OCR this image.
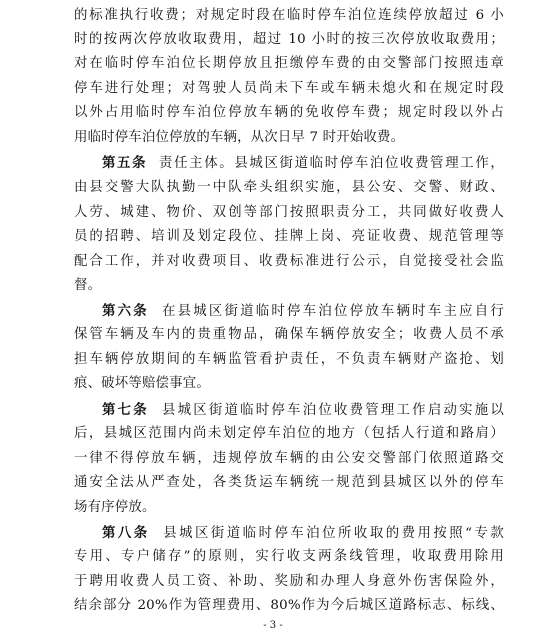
的标准执行收费；对规定时段在临时停车泊位连续停放超过 6 小
时的按两次停放收取费用，超过 10 小时的按三次停放收取费用；
对在临时停车泊位长期停放且拒缴停车费的由交警部门按照违章
停车进行处理；对驾驶人员尚未下车或车辆未熄火和在规定时段
以外占用临时停车泊位停放车辆的免收停车费；规定时段以外占
用临时停车泊位停放的车辆，从次日早 7 时开始收费。
第五条 责任主体。县城区街道临时停车泊位收费管理工作，
由县交警大队执勤一中队牵头组织实施，县公安、交警、财政、
人劳、城建、物价、双创等部门按照职责分工，共同做好收费人
员的招聘、培训及划定段位、挂牌上岗、亮证收费、规范管理等
配合工作，并对收费项目、收费标准进行公示，自觉接受社会监
督。
第六条 在县城区街道临时停车泊位停放车辆时车主应自行
保管车辆及车内的贵重物品，确保车辆停放安全；收费人员不承
担车辆停放期间的车辆监管看护责任，不负责车辆财产盗抢、划
痕、破坏等赔偿事宜。
第七条 县城区街道临时停车泊位收费管理工作启动实施以
后，县城区范围内尚未划定停车泊位的地方（包括人行道和路肩）
一律不得停放车辆，违规停放车辆的由公安交警部门依照道路交
通安全法从严查处，各类货运车辆统一规范到县城区以外的停车
场有序停放。
第八条 县城区街道临时停车泊位所收取的费用按照“专款
专用、专户储存”的原则，实行收支两条线管理，收取费用除用
于聘用收费人员工资、补助、奖励和办理人身意外伤害保险外，
结余部分 20%作为管理费用、80%作为今后城区道路标志、标线、
- 3 -
